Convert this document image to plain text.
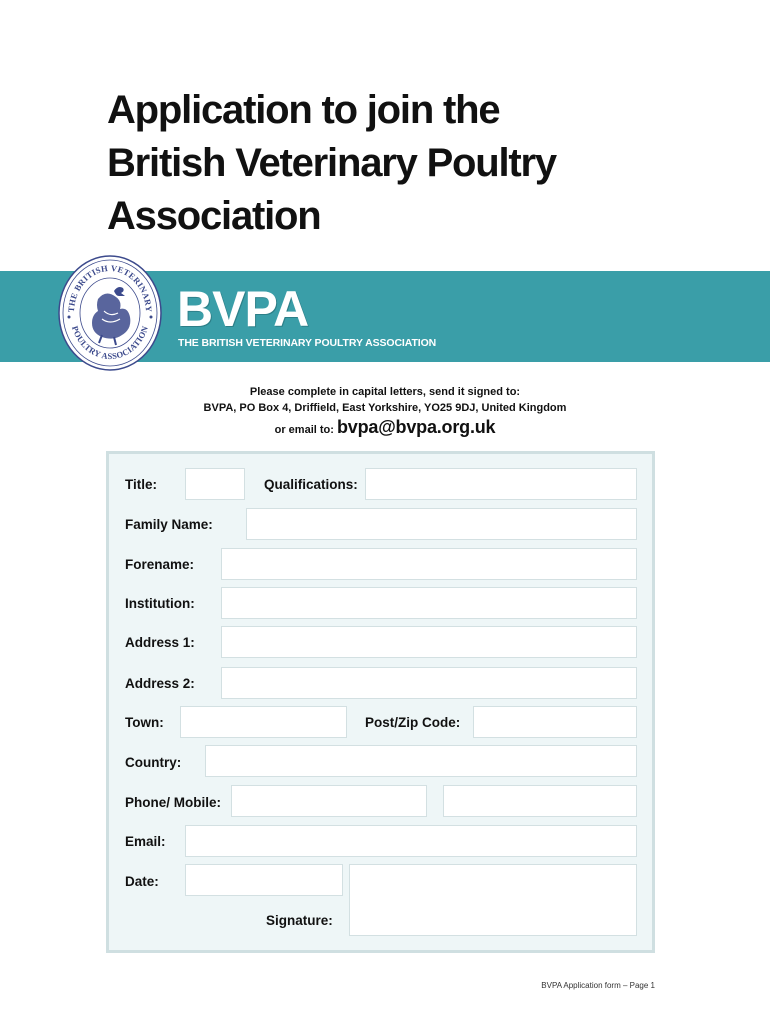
Application to join the
British Veterinary Poultry
Association
THE BRITISH VETERINARY
POULTRY ASSOCIATION BVPA
THE BRITISH VETERINARY POULTRY ASSOCIATION
Please complete in capital letters, send it signed to:
BVPA, PO Box 4, Driffield, East Yorkshire, YO25 9DJ, United Kingdom
or email to: bvpa@bvpa.org.uk
Title:	Qualifications:
Family Name:
Forename:
Institution:
Address 1:
Address 2:
Town:	Post/Zip Code:
Country:
Phone/ Mobile:
Email:
Date:
Signature:
BVPA Application form – Page 1
